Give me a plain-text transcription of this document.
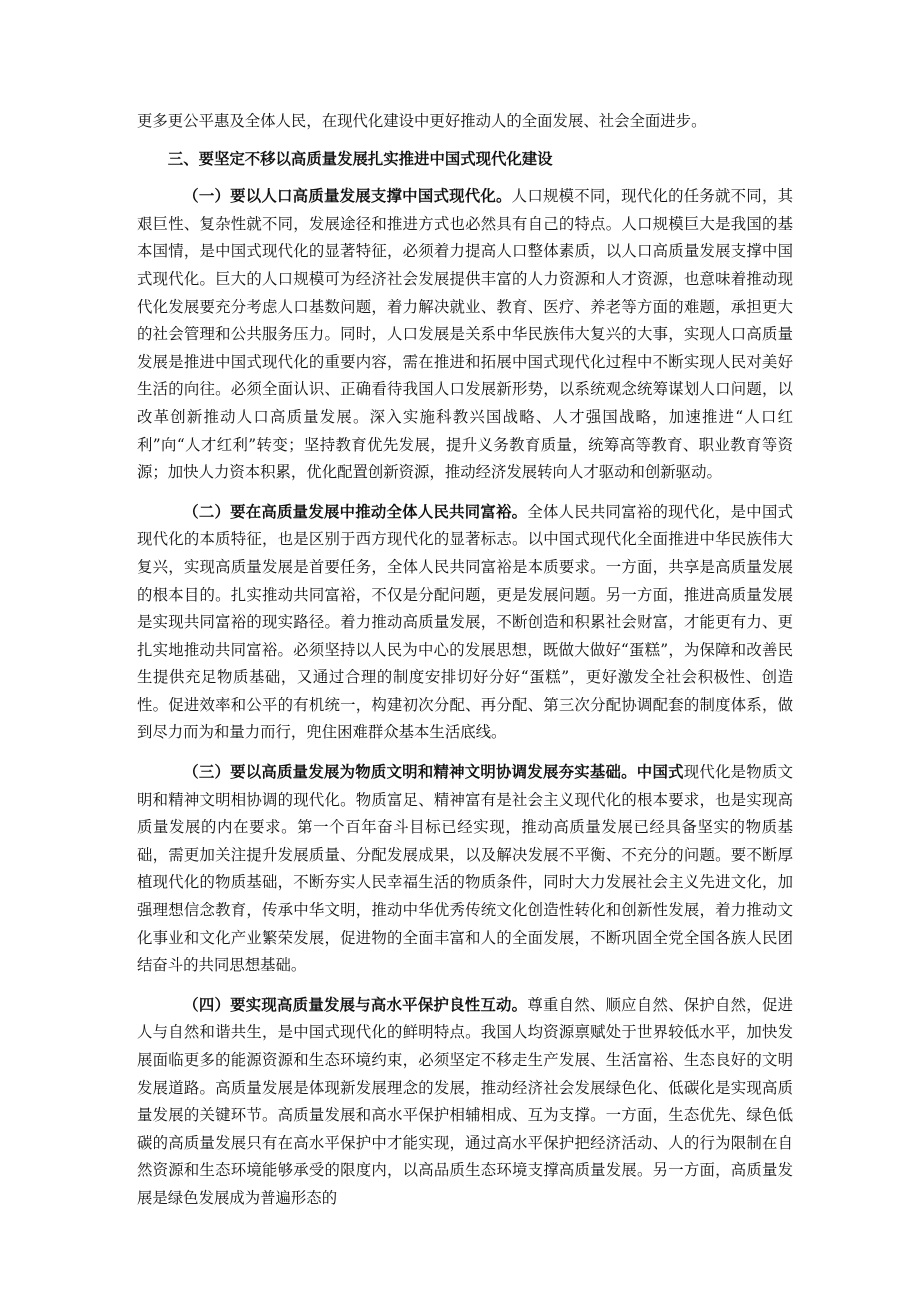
更多更公平惠及全体人民，在现代化建设中更好推动人的全面发展、社会全面进步。

三、要坚定不移以高质量发展扎实推进中国式现代化建设

（一）要以人口高质量发展支撑中国式现代化。人口规模不同，现代化的任务就不同，其艰巨性、复杂性就不同，发展途径和推进方式也必然具有自己的特点。人口规模巨大是我国的基本国情，是中国式现代化的显著特征，必须着力提高人口整体素质，以人口高质量发展支撑中国式现代化。巨大的人口规模可为经济社会发展提供丰富的人力资源和人才资源，也意味着推动现代化发展要充分考虑人口基数问题，着力解决就业、教育、医疗、养老等方面的难题，承担更大的社会管理和公共服务压力。同时，人口发展是关系中华民族伟大复兴的大事，实现人口高质量发展是推进中国式现代化的重要内容，需在推进和拓展中国式现代化过程中不断实现人民对美好生活的向往。必须全面认识、正确看待我国人口发展新形势，以系统观念统筹谋划人口问题，以改革创新推动人口高质量发展。深入实施科教兴国战略、人才强国战略，加速推进“人口红利”向“人才红利”转变；坚持教育优先发展，提升义务教育质量，统筹高等教育、职业教育等资源；加快人力资本积累，优化配置创新资源，推动经济发展转向人才驱动和创新驱动。

（二）要在高质量发展中推动全体人民共同富裕。全体人民共同富裕的现代化，是中国式现代化的本质特征，也是区别于西方现代化的显著标志。以中国式现代化全面推进中华民族伟大复兴，实现高质量发展是首要任务，全体人民共同富裕是本质要求。一方面，共享是高质量发展的根本目的。扎实推动共同富裕，不仅是分配问题，更是发展问题。另一方面，推进高质量发展是实现共同富裕的现实路径。着力推动高质量发展，不断创造和积累社会财富，才能更有力、更扎实地推动共同富裕。必须坚持以人民为中心的发展思想，既做大做好“蛋糕”，为保障和改善民生提供充足物质基础，又通过合理的制度安排切好分好“蛋糕”，更好激发全社会积极性、创造性。促进效率和公平的有机统一，构建初次分配、再分配、第三次分配协调配套的制度体系，做到尽力而为和量力而行，兜住困难群众基本生活底线。

（三）要以高质量发展为物质文明和精神文明协调发展夯实基础。中国式现代化是物质文明和精神文明相协调的现代化。物质富足、精神富有是社会主义现代化的根本要求，也是实现高质量发展的内在要求。第一个百年奋斗目标已经实现，推动高质量发展已经具备坚实的物质基础，需更加关注提升发展质量、分配发展成果，以及解决发展不平衡、不充分的问题。要不断厚植现代化的物质基础，不断夯实人民幸福生活的物质条件，同时大力发展社会主义先进文化，加强理想信念教育，传承中华文明，推动中华优秀传统文化创造性转化和创新性发展，着力推动文化事业和文化产业繁荣发展，促进物的全面丰富和人的全面发展，不断巩固全党全国各族人民团结奋斗的共同思想基础。

（四）要实现高质量发展与高水平保护良性互动。尊重自然、顺应自然、保护自然，促进人与自然和谐共生，是中国式现代化的鲜明特点。我国人均资源禀赋处于世界较低水平，加快发展面临更多的能源资源和生态环境约束，必须坚定不移走生产发展、生活富裕、生态良好的文明发展道路。高质量发展是体现新发展理念的发展，推动经济社会发展绿色化、低碳化是实现高质量发展的关键环节。高质量发展和高水平保护相辅相成、互为支撑。一方面，生态优先、绿色低碳的高质量发展只有在高水平保护中才能实现，通过高水平保护把经济活动、人的行为限制在自然资源和生态环境能够承受的限度内，以高品质生态环境支撑高质量发展。另一方面，高质量发展是绿色发展成为普遍形态的
